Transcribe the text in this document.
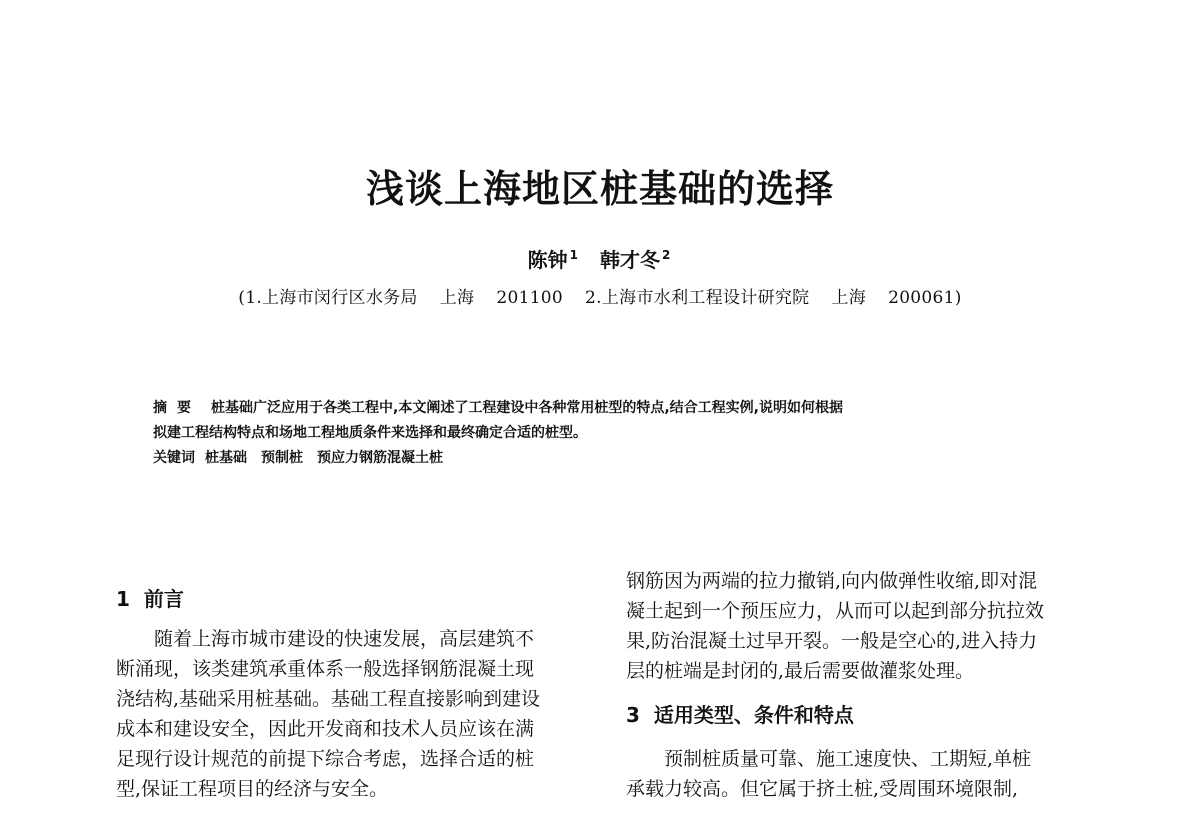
浅谈上海地区桩基础的选择
陈钟 $^1$ 韩才冬 $^2$
(1.上海市闵行区水务局 上海 201100 2.上海市水利工程设计研究院 上海 200061)

摘要 桩基础广泛应用于各类工程中,本文阐述了工程建设中各种常用桩型的特点,结合工程实例,说明如何根据

拟建工程结构特点和场地工程地质条件来选择和最终确定合适的桩型。

关键词 桩基础 预制桩 预应力钢筋混凝土桩

1 前言

随着上海市城市建设的快速发展，高层建筑不

断涌现，该类建筑承重体系一般选择钢筋混凝土现

浇结构,基础采用桩基础。基础工程直接影响到建设

成本和建设安全，因此开发商和技术人员应该在满

足现行设计规范的前提下综合考虑，选择合适的桩

型,保证工程项目的经济与安全。

钢筋因为两端的拉力撤销,向内做弹性收缩,即对混

凝土起到一个预压应力，从而可以起到部分抗拉效

果,防治混凝土过早开裂。一般是空心的,进入持力

层的桩端是封闭的,最后需要做灌浆处理。

3 适用类型、条件和特点

预制桩质量可靠、施工速度快、工期短,单桩

承载力较高。但它属于挤土桩,受周围环境限制,
